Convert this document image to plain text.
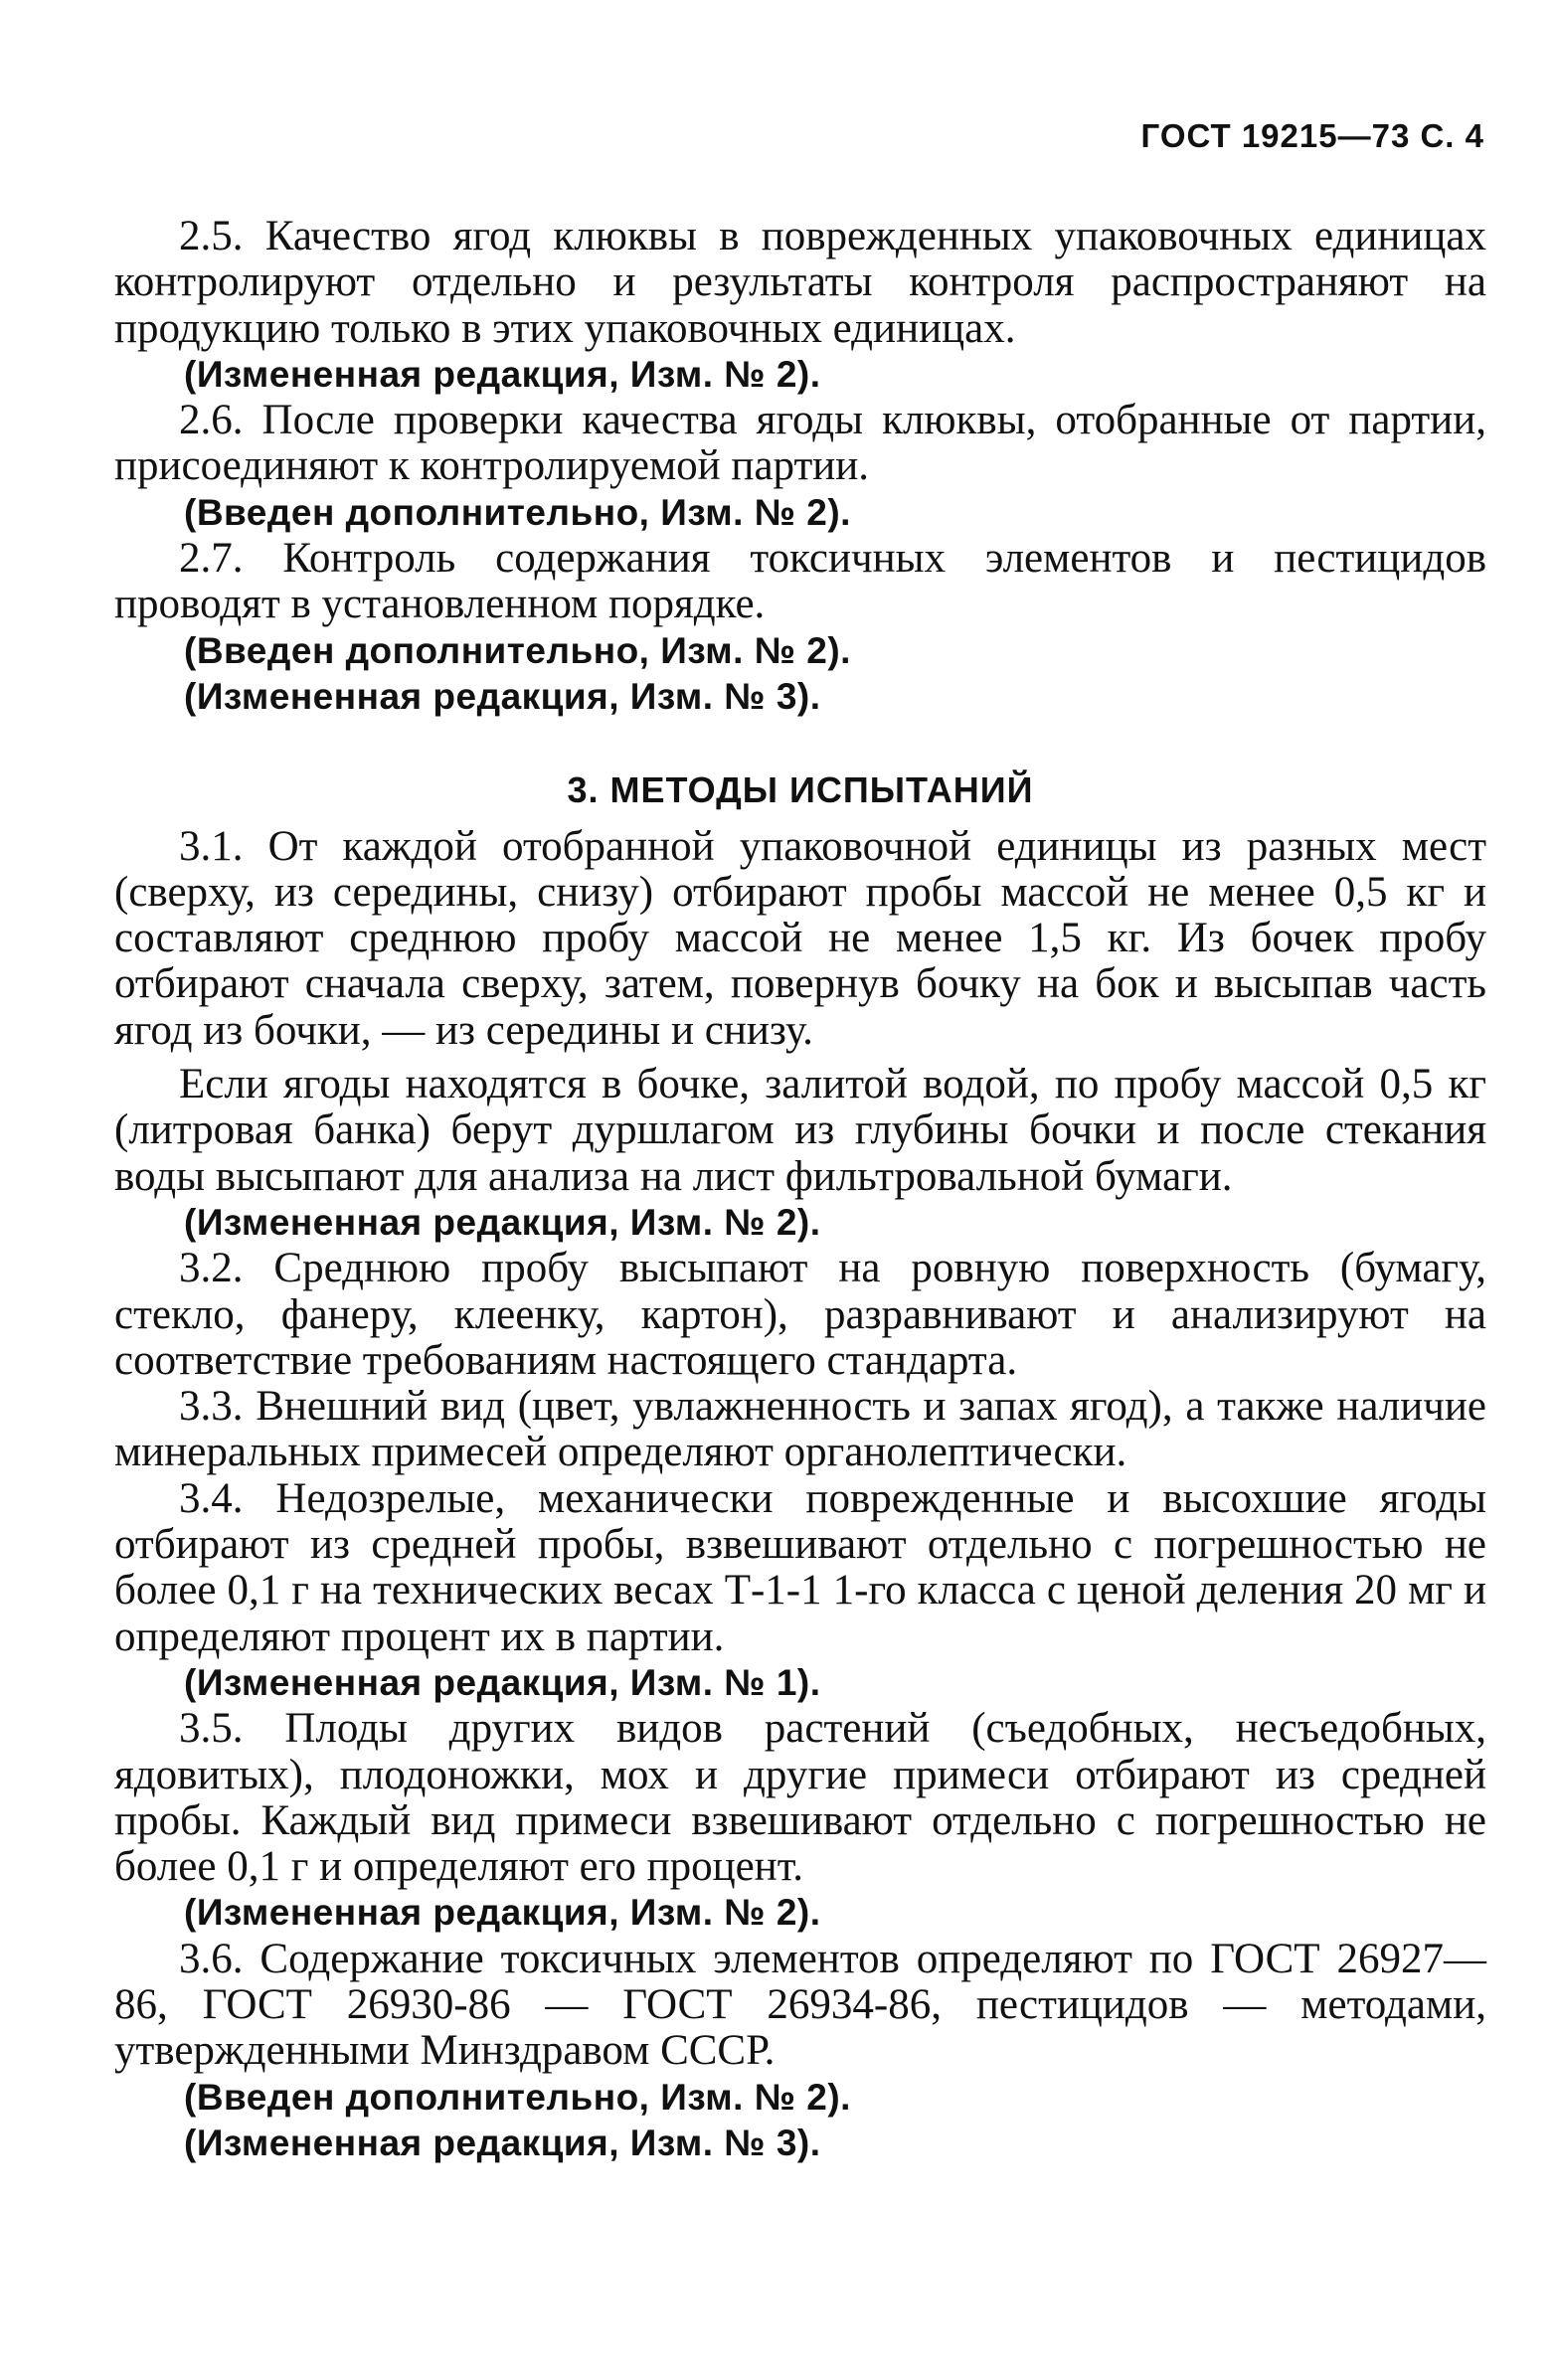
ГОСТ 19215—73 С. 4

2.5. Качество ягод клюквы в поврежденных упаковочных единицах контролируют отдельно и результаты контроля распространяют на продукцию только в этих упаковочных единицах.

(Измененная редакция, Изм. № 2).

2.6. После проверки качества ягоды клюквы, отобранные от партии, присоединяют к контролируемой партии.

(Введен дополнительно, Изм. № 2).

2.7. Контроль содержания токсичных элементов и пестицидов проводят в установленном порядке.

(Введен дополнительно, Изм. № 2).

(Измененная редакция, Изм. № 3).

3. МЕТОДЫ ИСПЫТАНИЙ

3.1. От каждой отобранной упаковочной единицы из разных мест (сверху, из середины, снизу) отбирают пробы массой не менее 0,5 кг и составляют среднюю пробу массой не менее 1,5 кг. Из бочек пробу отбирают сначала сверху, затем, повернув бочку на бок и высыпав часть ягод из бочки, — из середины и снизу.

Если ягоды находятся в бочке, залитой водой, по пробу массой 0,5 кг (литровая банка) берут дуршлагом из глубины бочки и после стекания воды высыпают для анализа на лист фильтровальной бумаги.

(Измененная редакция, Изм. № 2).

3.2. Среднюю пробу высыпают на ровную поверхность (бумагу, стекло, фанеру, клеенку, картон), разравнивают и анализируют на соответствие требованиям настоящего стандарта.

3.3. Внешний вид (цвет, увлажненность и запах ягод), а также наличие минеральных примесей определяют органолептически.

3.4. Недозрелые, механически поврежденные и высохшие ягоды отбирают из средней пробы, взвешивают отдельно с погрешностью не более 0,1 г на технических весах Т-1-1 1-го класса с ценой деления 20 мг и определяют процент их в партии.

(Измененная редакция, Изм. № 1).

3.5. Плоды других видов растений (съедобных, несъедобных, ядовитых), плодоножки, мох и другие примеси отбирают из средней пробы. Каждый вид примеси взвешивают отдельно с погрешностью не более 0,1 г и определяют его процент.

(Измененная редакция, Изм. № 2).

3.6. Содержание токсичных элементов определяют по ГОСТ 26927—86, ГОСТ 26930-86 — ГОСТ 26934-86, пестицидов — методами, утвержденными Минздравом СССР.

(Введен дополнительно, Изм. № 2).

(Измененная редакция, Изм. № 3).
